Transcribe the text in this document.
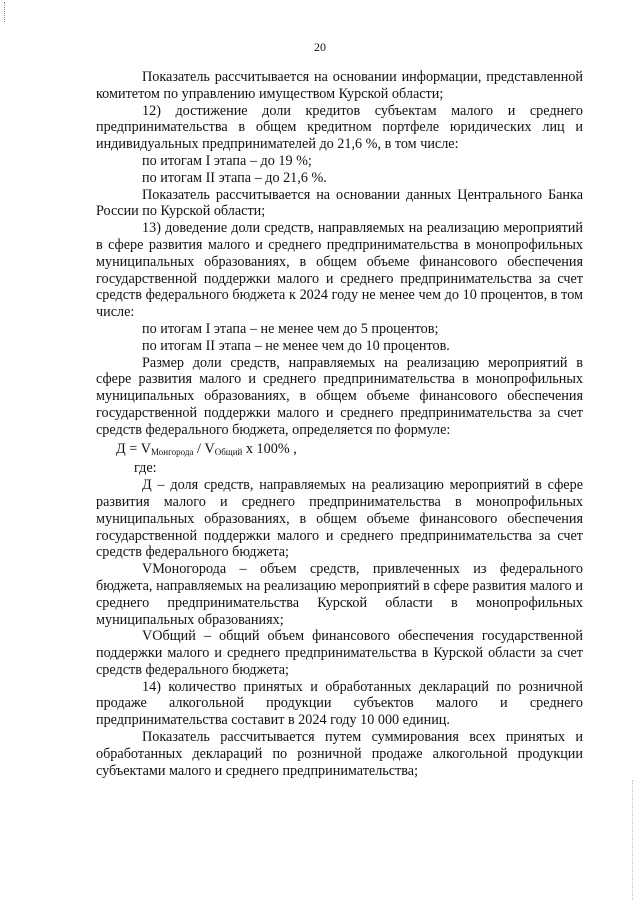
20

Показатель рассчитывается на основании информации, представленной комитетом по управлению имуществом Курской области;

12) достижение доли кредитов субъектам малого и среднего предпринимательства в общем кредитном портфеле юридических лиц и индивидуальных предпринимателей до 21,6 %, в том числе:

по итогам I этапа – до 19 %;

по итогам II этапа – до 21,6 %.

Показатель рассчитывается на основании данных Центрального Банка России по Курской области;

13) доведение доли средств, направляемых на реализацию мероприятий в сфере развития малого и среднего предпринимательства в монопрофильных муниципальных образованиях, в общем объеме финансового обеспечения государственной поддержки малого и среднего предпринимательства за счет средств федерального бюджета к 2024 году не менее чем до 10 процентов, в том числе:

по итогам I этапа – не менее чем до 5 процентов;

по итогам II этапа – не менее чем до 10 процентов.

Размер доли средств, направляемых на реализацию мероприятий в сфере развития малого и среднего предпринимательства в монопрофильных муниципальных образованиях, в общем объеме финансового обеспечения государственной поддержки малого и среднего предпринимательства за счет средств федерального бюджета, определяется по формуле:

$Д = V_{Монгорода} / V_{Общий}$ х 100% ,

где:

Д – доля средств, направляемых на реализацию мероприятий в сфере развития малого и среднего предпринимательства в монопрофильных муниципальных образованиях, в общем объеме финансового обеспечения государственной поддержки малого и среднего предпринимательства за счет средств федерального бюджета;

VМоногорода – объем средств, привлеченных из федерального бюджета, направляемых на реализацию мероприятий в сфере развития малого и среднего предпринимательства Курской области в монопрофильных муниципальных образованиях;

VОбщий – общий объем финансового обеспечения государственной поддержки малого и среднего предпринимательства в Курской области за счет средств федерального бюджета;

14) количество принятых и обработанных деклараций по розничной продаже алкогольной продукции субъектов малого и среднего предпринимательства составит в 2024 году 10 000 единиц.

Показатель рассчитывается путем суммирования всех принятых и обработанных деклараций по розничной продаже алкогольной продукции субъектами малого и среднего предпринимательства;
